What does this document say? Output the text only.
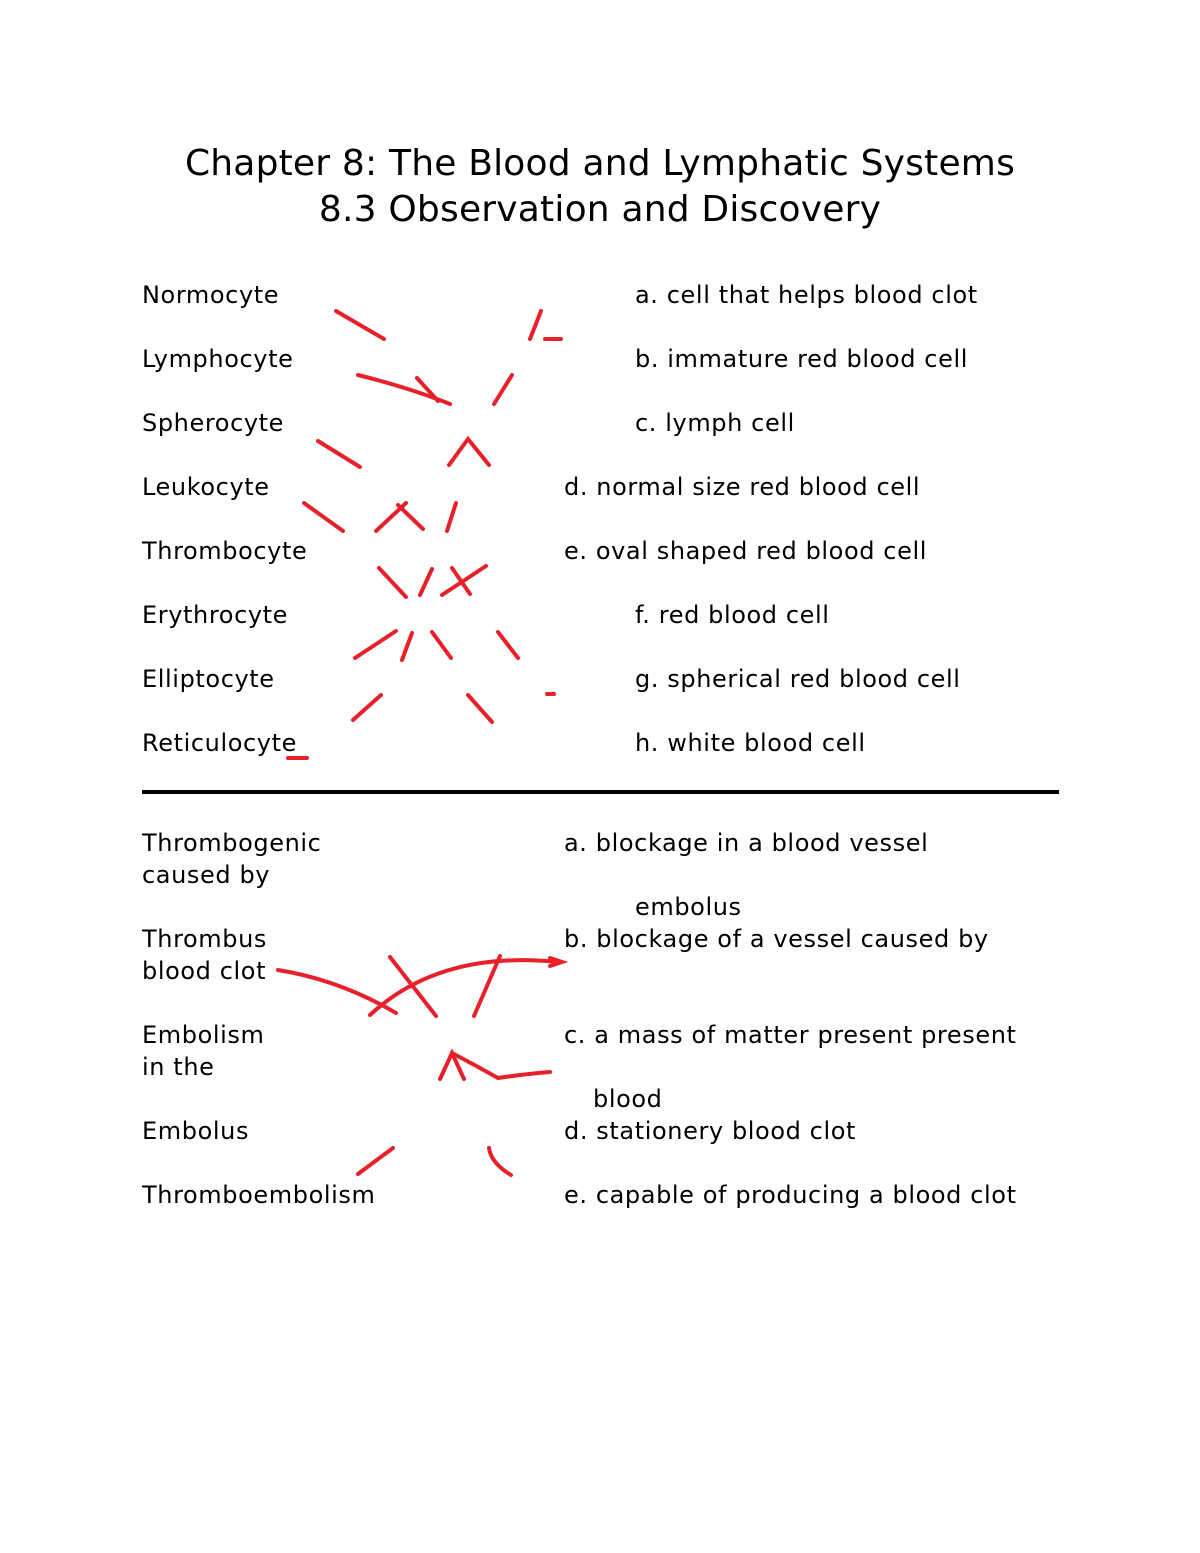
Chapter 8: The Blood and Lymphatic Systems
8.3 Observation and Discovery
Normocyte
Lymphocyte
Spherocyte
Leukocyte
Thrombocyte
Erythrocyte
Elliptocyte
Reticulocyte
a. cell that helps blood clot
b. immature red blood cell
c. lymph cell
d. normal size red blood cell
e. oval shaped red blood cell
f. red blood cell
g. spherical red blood cell
h. white blood cell
Thrombogenic
caused by
Thrombus
blood clot
Embolism
in the
Embolus
Thromboembolism
a. blockage in a blood vessel
embolus
b. blockage of a vessel caused by
c. a mass of matter present present
blood
d. stationery blood clot
e. capable of producing a blood clot
